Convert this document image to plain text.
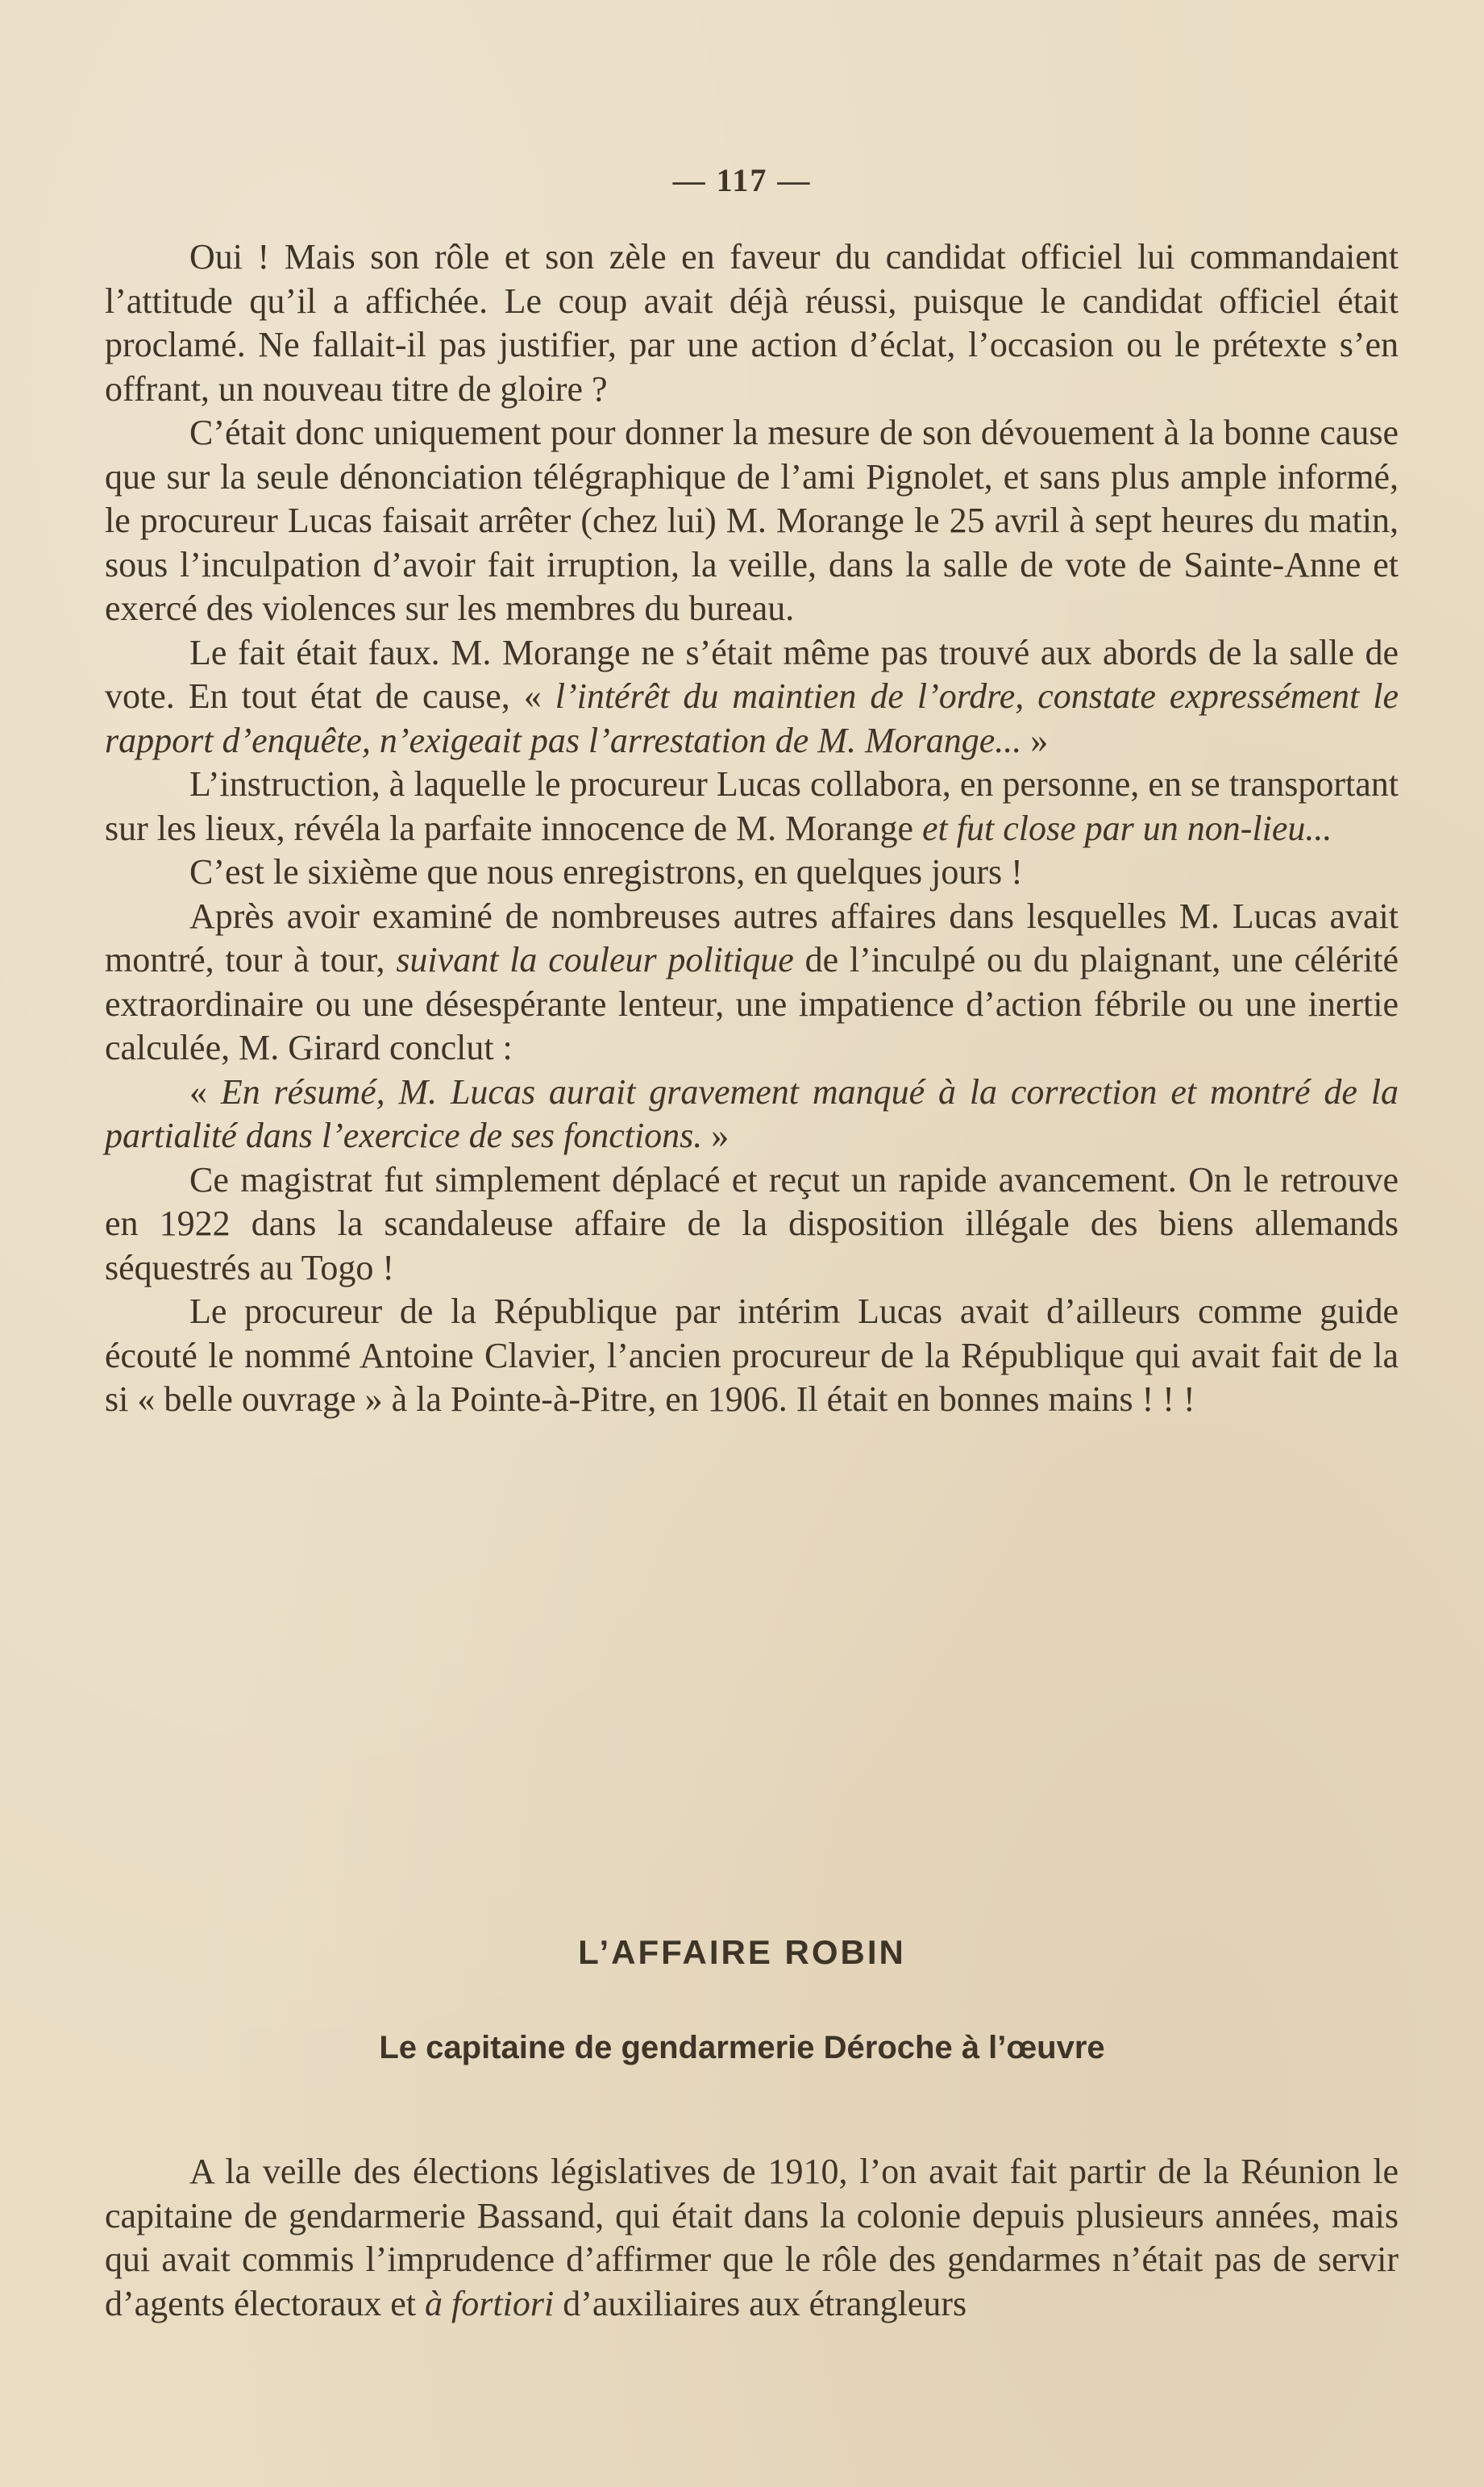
— 117 —

Oui ! Mais son rôle et son zèle en faveur du candidat officiel lui commandaient l’attitude qu’il a affichée. Le coup avait déjà réussi, puisque le candidat officiel était proclamé. Ne fallait-il pas justifier, par une action d’éclat, l’occasion ou le prétexte s’en offrant, un nouveau titre de gloire ?

C’était donc uniquement pour donner la mesure de son dévouement à la bonne cause que sur la seule dénonciation télégraphique de l’ami Pignolet, et sans plus ample informé, le procureur Lucas faisait arrêter (chez lui) M. Morange le 25 avril à sept heures du matin, sous l’inculpation d’avoir fait irruption, la veille, dans la salle de vote de Sainte-Anne et exercé des violences sur les membres du bureau.

Le fait était faux. M. Morange ne s’était même pas trouvé aux abords de la salle de vote. En tout état de cause, « l’intérêt du maintien de l’ordre, constate expressément le rapport d’enquête, n’exigeait pas l’arrestation de M. Morange... »

L’instruction, à laquelle le procureur Lucas collabora, en personne, en se transportant sur les lieux, révéla la parfaite innocence de M. Morange et fut close par un non-lieu...

C’est le sixième que nous enregistrons, en quelques jours !

Après avoir examiné de nombreuses autres affaires dans lesquelles M. Lucas avait montré, tour à tour, suivant la couleur politique de l’inculpé ou du plaignant, une célérité extraordinaire ou une désespérante lenteur, une impatience d’action fébrile ou une inertie calculée, M. Girard conclut :

« En résumé, M. Lucas aurait gravement manqué à la correction et montré de la partialité dans l’exercice de ses fonctions. »

Ce magistrat fut simplement déplacé et reçut un rapide avancement. On le retrouve en 1922 dans la scandaleuse affaire de la disposition illégale des biens allemands séquestrés au Togo !

Le procureur de la République par intérim Lucas avait d’ailleurs comme guide écouté le nommé Antoine Clavier, l’ancien procureur de la République qui avait fait de la si « belle ouvrage » à la Pointe-à-Pitre, en 1906. Il était en bonnes mains ! ! !

L’AFFAIRE ROBIN
Le capitaine de gendarmerie Déroche à l’œuvre

A la veille des élections législatives de 1910, l’on avait fait partir de la Réunion le capitaine de gendarmerie Bassand, qui était dans la colonie depuis plusieurs années, mais qui avait commis l’imprudence d’affirmer que le rôle des gendarmes n’était pas de servir d’agents électoraux et à fortiori d’auxiliaires aux étrangleurs
